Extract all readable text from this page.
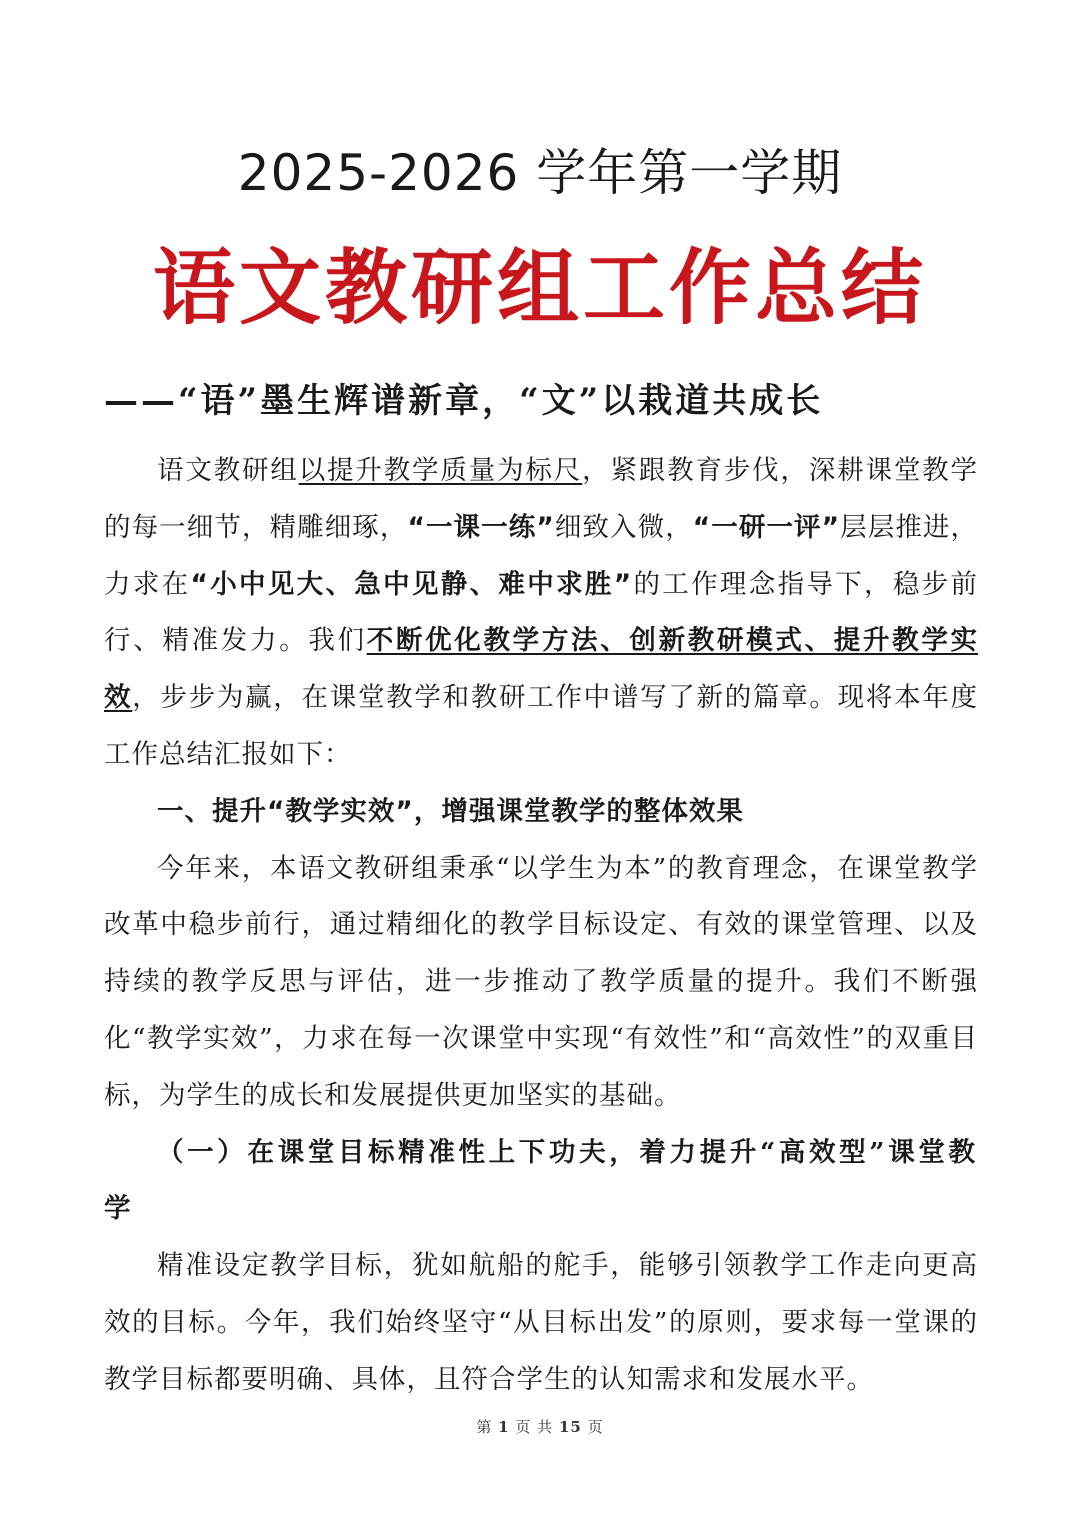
2025-2026 学年第一学期
语文教研组工作总结
——“语”墨生辉谱新章，“文”以栽道共成长

语文教研组以提升教学质量为标尺，紧跟教育步伐，深耕课堂教学的每一细节，精雕细琢，“一课一练”细致入微，“一研一评”层层推进，力求在“小中见大、急中见静、难中求胜”的工作理念指导下，稳步前行、精准发力。我们不断优化教学方法、创新教研模式、提升教学实效，步步为赢，在课堂教学和教研工作中谱写了新的篇章。现将本年度工作总结汇报如下：

一、提升“教学实效”，增强课堂教学的整体效果

今年来，本语文教研组秉承“以学生为本”的教育理念，在课堂教学改革中稳步前行，通过精细化的教学目标设定、有效的课堂管理、以及持续的教学反思与评估，进一步推动了教学质量的提升。我们不断强化“教学实效”，力求在每一次课堂中实现“有效性”和“高效性”的双重目标，为学生的成长和发展提供更加坚实的基础。

（一）在课堂目标精准性上下功夫，着力提升“高效型”课堂教学

精准设定教学目标，犹如航船的舵手，能够引领教学工作走向更高效的目标。今年，我们始终坚守“从目标出发”的原则，要求每一堂课的教学目标都要明确、具体，且符合学生的认知需求和发展水平。

第 1 页 共 15 页
